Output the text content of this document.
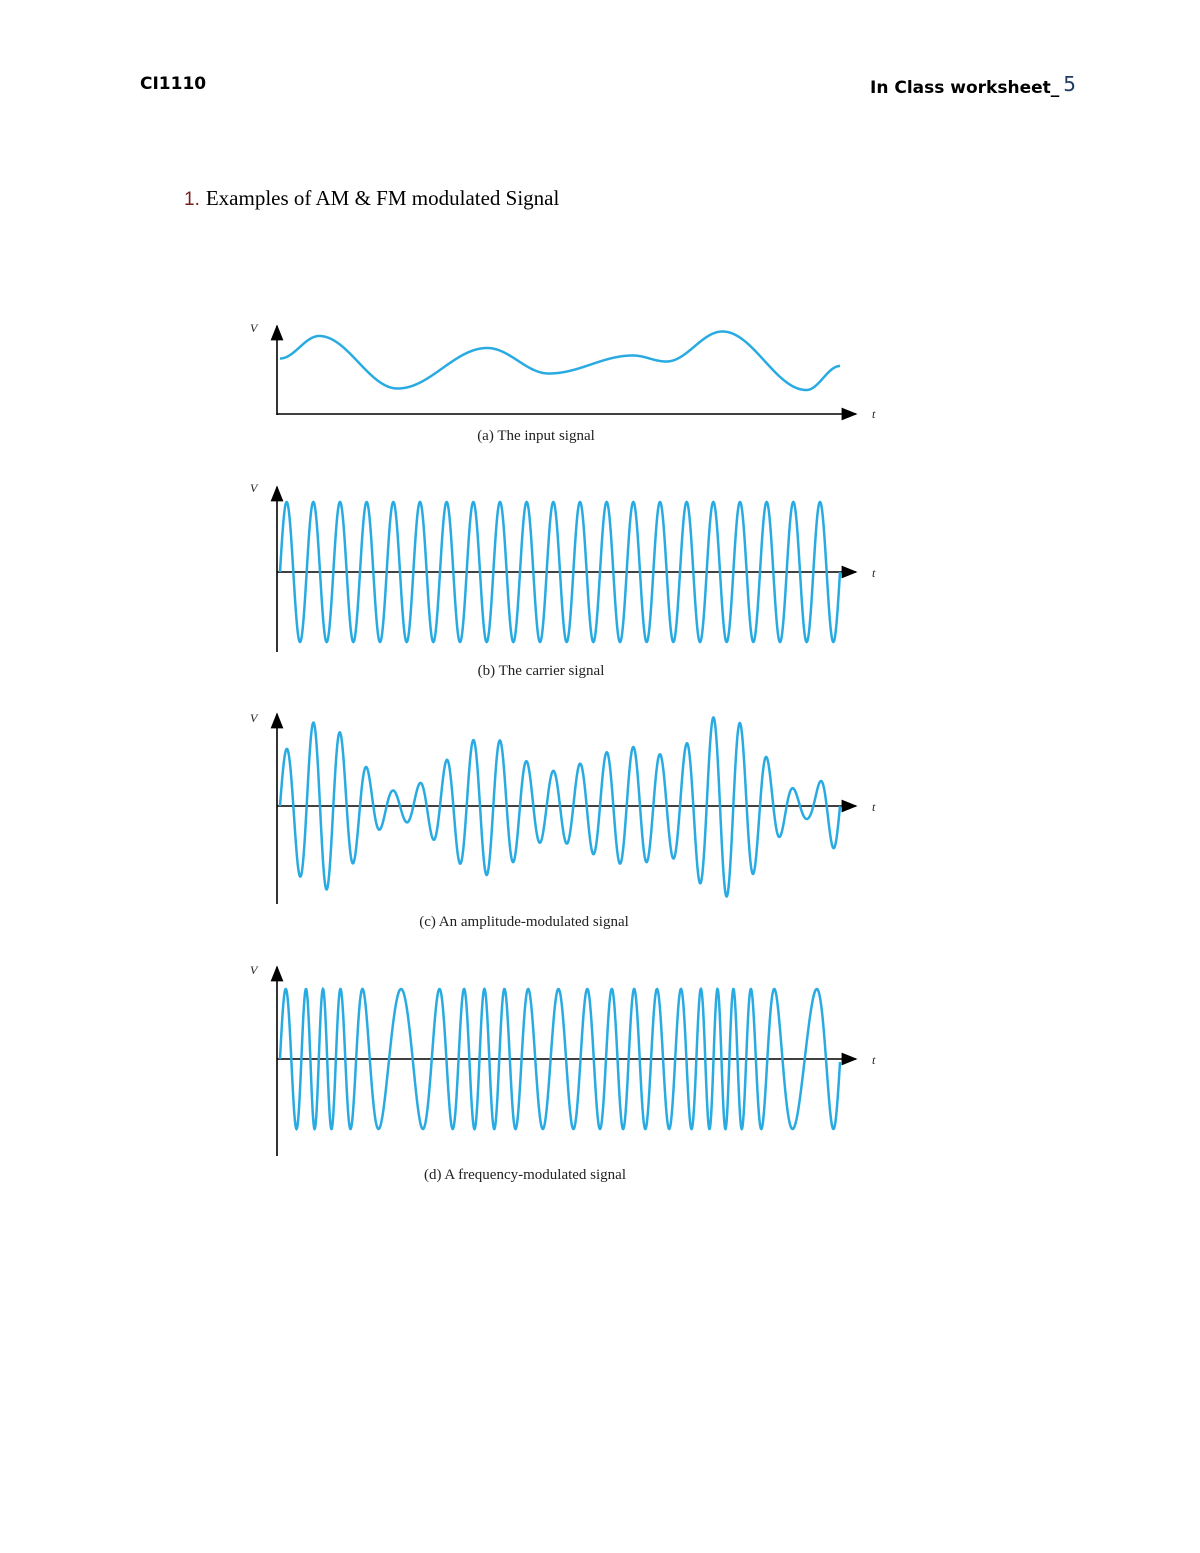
CI1110	In Class worksheet_ 5
1. Examples of AM & FM modulated Signal
V
t
(a) The input signal
V
t
(b) The carrier signal
V
t
(c) An amplitude-modulated signal
V
t
(d) A frequency-modulated signal
